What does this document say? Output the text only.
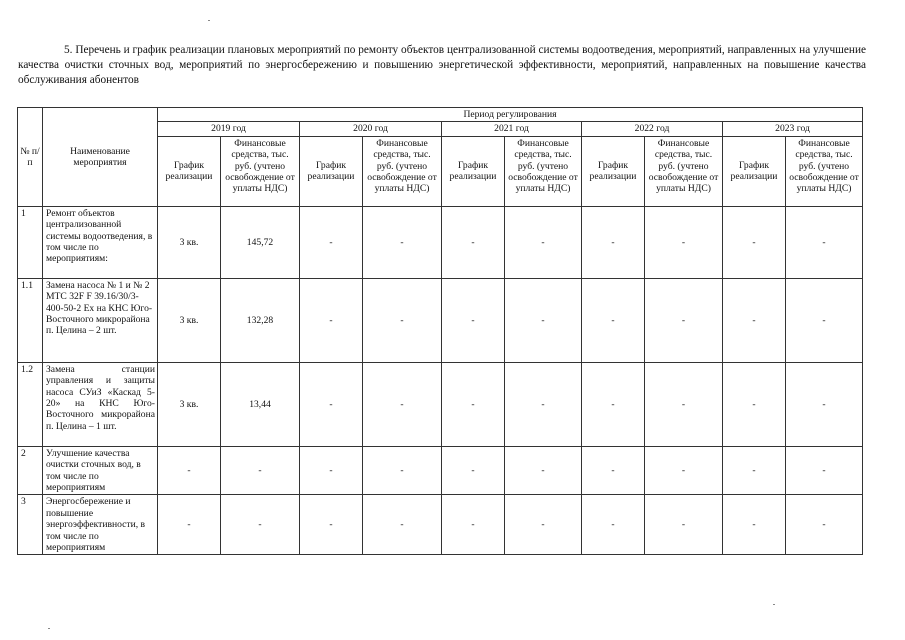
5. Перечень и график реализации плановых мероприятий по ремонту объектов централизованной системы водоотведения, мероприятий, направленных на улучшение качества очистки сточных вод, мероприятий по энергосбережению и повышению энергетической эффективности, мероприятий, направленных на повышение качества обслуживания абонентов
№ п/п	Наименование мероприятия	Период регулирования									
		2019 год		2020 год		2021 год		2022 год		2023 год	
		График реализации	Финансовые средства, тыс. руб. (учтено освобождение от уплаты НДС)	График реализации	Финансовые средства, тыс. руб. (учтено освобождение от уплаты НДС)	График реализации	Финансовые средства, тыс. руб. (учтено освобождение от уплаты НДС)	График реализации	Финансовые средства, тыс. руб. (учтено освобождение от уплаты НДС)	График реализации	Финансовые средства, тыс. руб. (учтено освобождение от уплаты НДС)
1	Ремонт объектов централизованной системы водоотведения, в том числе по мероприятиям:	3 кв.	145,72	-	-	-	-	-	-	-	-
1.1	Замена насоса № 1 и № 2 МТС 32F F 39.16/30/3-400-50-2 Ex на КНС Юго-Восточного микрорайона п. Целина – 2 шт.	3 кв.	132,28	-	-	-	-	-	-	-	-
1.2	Замена станции управления и защиты насоса СУиЗ «Каскад 5-20» на КНС Юго-Восточного микрорайона п. Целина – 1 шт.	3 кв.	13,44	-	-	-	-	-	-	-	-
2	Улучшение качества очистки сточных вод, в том числе по мероприятиям	-	-	-	-	-	-	-	-	-	-
3	Энергосбережение и повышение энергоэффективности, в том числе по мероприятиям	-	-	-	-	-	-	-	-	-	-
